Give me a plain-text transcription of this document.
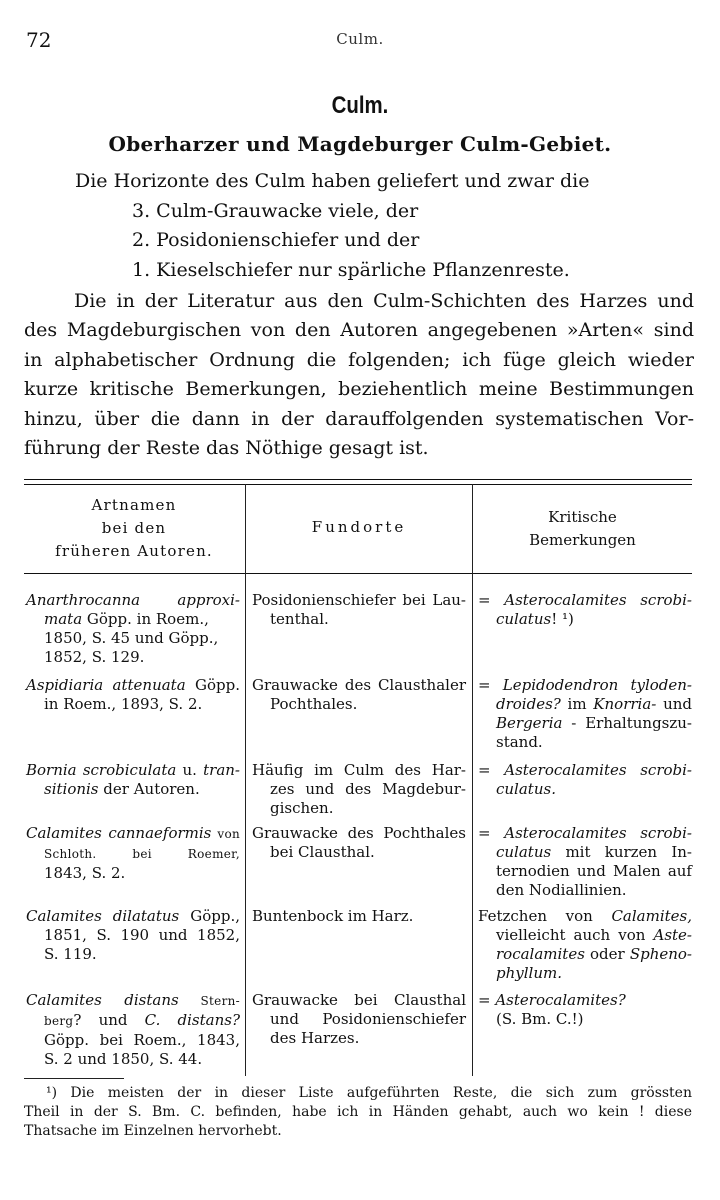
72	Culm.
Culm.
Oberharzer und Magdeburger Culm-Gebiet.
Die Horizonte des Culm haben geliefert und zwar die
3. Culm-Grauwacke viele, der
2. Posidonienschiefer und der
1. Kieselschiefer nur spärliche Pflanzenreste.
Die in der Literatur aus den Culm-Schichten des Harzes und
des Magdeburgischen von den Autoren angegebenen »Arten« sind
in alphabetischer Ordnung die folgenden; ich füge gleich wieder
kurze kritische Bemerkungen, beziehentlich meine Bestimmungen
hinzu, über die dann in der darauffolgenden systematischen Vor-
führung der Reste das Nöthige gesagt ist.
Artnamen
bei den
früheren Autoren.
Fundorte
Kritische
Bemerkungen
Anarthrocanna approxi-
mata Göpp. in Roem.,
1850, S. 45 und Göpp.,
1852, S. 129.
Posidonienschiefer bei Lau-
tenthal.
= Asterocalamites scrobi-
culatus! ¹)
Aspidiaria attenuata Göpp.
in Roem., 1893, S. 2.
Grauwacke des Clausthaler
Pochthales.
= Lepidodendron tyloden-
droides? im Knorria- und
Bergeria - Erhaltungszu-
stand.
Bornia scrobiculata u. tran-
sitionis der Autoren.
Häufig im Culm des Har-
zes und des Magdebur-
gischen.
= Asterocalamites scrobi-
culatus.
Calamites cannaeformis von
Schloth. bei Roemer,
1843, S. 2.
Grauwacke des Pochthales
bei Clausthal.
= Asterocalamites scrobi-
culatus mit kurzen In-
ternodien und Malen auf
den Nodiallinien.
Calamites dilatatus Göpp.,
1851, S. 190 und 1852,
S. 119.
Buntenbock im Harz.	Fetzchen von Calamites,
vielleicht auch von Aste-
rocalamites oder Spheno-
phyllum.
Calamites distans Stern-
berg? und C. distans?
Göpp. bei Roem., 1843,
S. 2 und 1850, S. 44.
Grauwacke bei Clausthal
und Posidonienschiefer
des Harzes.
= Asterocalamites?
(S. Bm. C.!)
¹) Die meisten der in dieser Liste aufgeführten Reste, die sich zum grössten
Theil in der S. Bm. C. befinden, habe ich in Händen gehabt, auch wo kein ! diese
Thatsache im Einzelnen hervorhebt.
